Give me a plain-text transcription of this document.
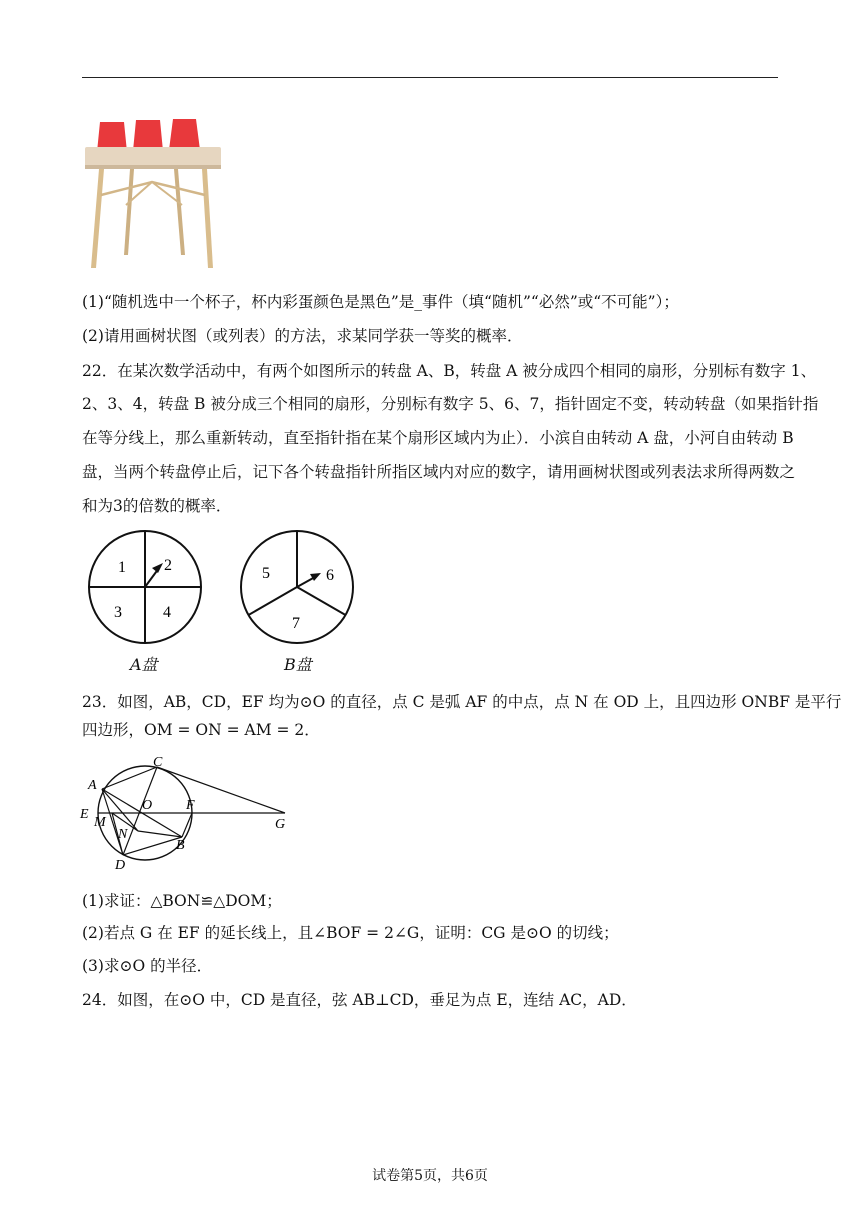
(1)“随机选中一个杯子，杯内彩蛋颜色是黑色”是_事件（填“随机”“必然”或“不可能”）；
(2)请用画树状图（或列表）的方法，求某同学获一等奖的概率．
22．在某次数学活动中，有两个如图所示的转盘 A、B，转盘 A 被分成四个相同的扇形，分别标有数字 1、
2、3、4，转盘 B 被分成三个相同的扇形，分别标有数字 5、6、7，指针固定不变，转动转盘（如果指针指
在等分线上，那么重新转动，直至指针指在某个扇形区域内为止）．小滨自由转动 A 盘，小河自由转动 B
盘，当两个转盘停止后，记下各个转盘指针所指区域内对应的数字，请用画树状图或列表法求所得两数之
和为3的倍数的概率．
1 2
3	4
A盘
5	6
7
B盘
23．如图，AB，CD，EF 均为⊙O 的直径，点 C 是弧 AF 的中点，点 N 在 OD 上，且四边形 ONBF 是平行
四边形，OM = ON = AM = 2．
A
C
O F
E
M
N
B
D
G
(1)求证：△BON≌△DOM；
(2)若点 G 在 EF 的延长线上，且∠BOF = 2∠G，证明：CG 是⊙O 的切线；
(3)求⊙O 的半径．
24．如图，在⊙O 中，CD 是直径，弦 AB⊥CD，垂足为点 E，连结 AC，AD．
试卷第5页，共6页
